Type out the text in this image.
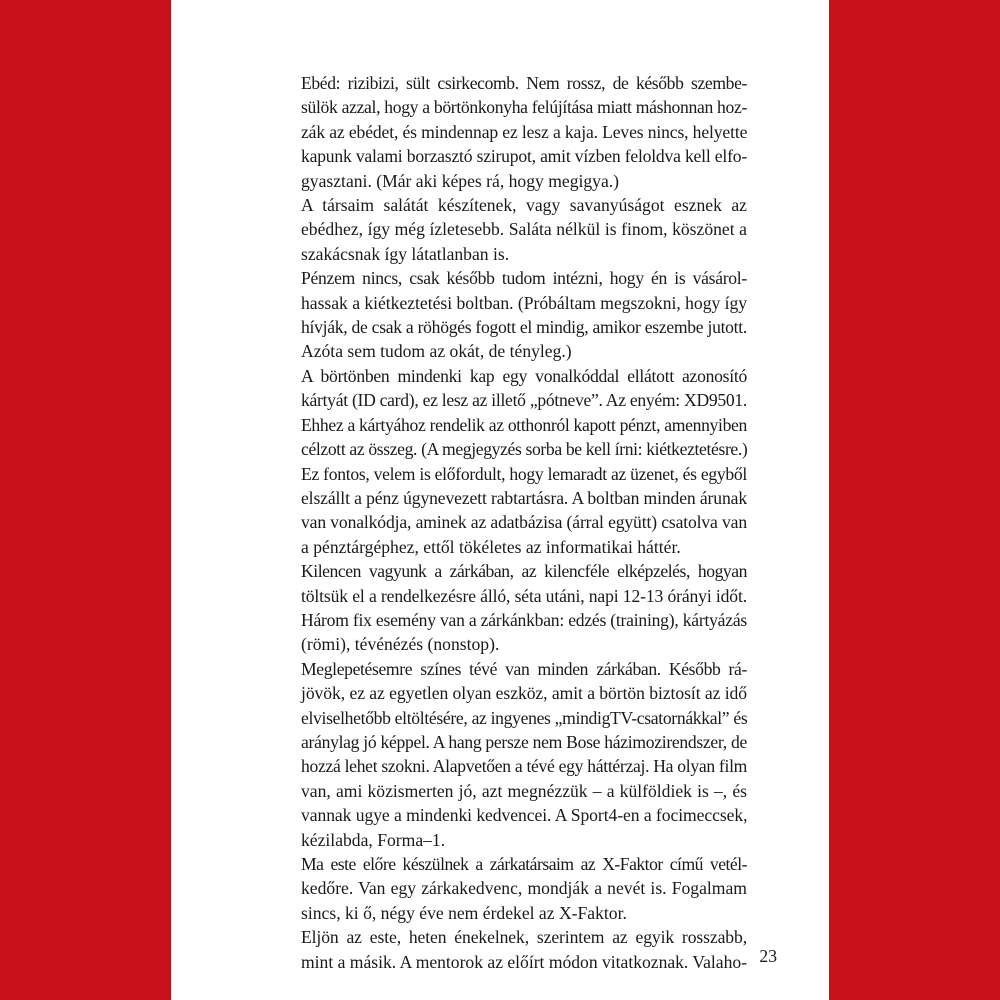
Ebéd: rizibizi, sült csirkecomb. Nem rossz, de később szembe-
sülök azzal, hogy a börtönkonyha felújítása miatt máshonnan hoz-
zák az ebédet, és mindennap ez lesz a kaja. Leves nincs, helyette
kapunk valami borzasztó szirupot, amit vízben feloldva kell elfo-
gyasztani. (Már aki képes rá, hogy megigya.)

A társaim salátát készítenek, vagy savanyúságot esznek az
ebédhez, így még ízletesebb. Saláta nélkül is finom, köszönet a
szakácsnak így látatlanban is.

Pénzem nincs, csak később tudom intézni, hogy én is vásárol-
hassak a kiétkeztetési boltban. (Próbáltam megszokni, hogy így
hívják, de csak a röhögés fogott el mindig, amikor eszembe jutott.
Azóta sem tudom az okát, de tényleg.)

A börtönben mindenki kap egy vonalkóddal ellátott azonosító
kártyát (ID card), ez lesz az illető „pótneve”. Az enyém: XD9501.
Ehhez a kártyához rendelik az otthonról kapott pénzt, amennyiben
célzott az összeg. (A megjegyzés sorba be kell írni: kiétkeztetésre.)
Ez fontos, velem is előfordult, hogy lemaradt az üzenet, és egyből
elszállt a pénz úgynevezett rabtartásra. A boltban minden árunak
van vonalkódja, aminek az adatbázisa (árral együtt) csatolva van
a pénztárgéphez, ettől tökéletes az informatikai háttér.

Kilencen vagyunk a zárkában, az kilencféle elképzelés, hogyan
töltsük el a rendelkezésre álló, séta utáni, napi 12-13 órányi időt.
Három fix esemény van a zárkánkban: edzés (training), kártyázás
(römi), tévénézés (nonstop).

Meglepetésemre színes tévé van minden zárkában. Később rá-
jövök, ez az egyetlen olyan eszköz, amit a börtön biztosít az idő
elviselhetőbb eltöltésére, az ingyenes „mindigTV-csatornákkal” és
aránylag jó képpel. A hang persze nem Bose házimozirendszer, de
hozzá lehet szokni. Alapvetően a tévé egy háttérzaj. Ha olyan film
van, ami közismerten jó, azt megnézzük – a külföldiek is –, és
vannak ugye a mindenki kedvencei. A Sport4-en a focimeccsek,
kézilabda, Forma–1.

Ma este előre készülnek a zárkatársaim az X-Faktor című vetél-
kedőre. Van egy zárkakedvenc, mondják a nevét is. Fogalmam
sincs, ki ő, négy éve nem érdekel az X-Faktor.

Eljön az este, heten énekelnek, szerintem az egyik rosszabb,
mint a másik. A mentorok az előírt módon vitatkoznak. Valaho- 23
